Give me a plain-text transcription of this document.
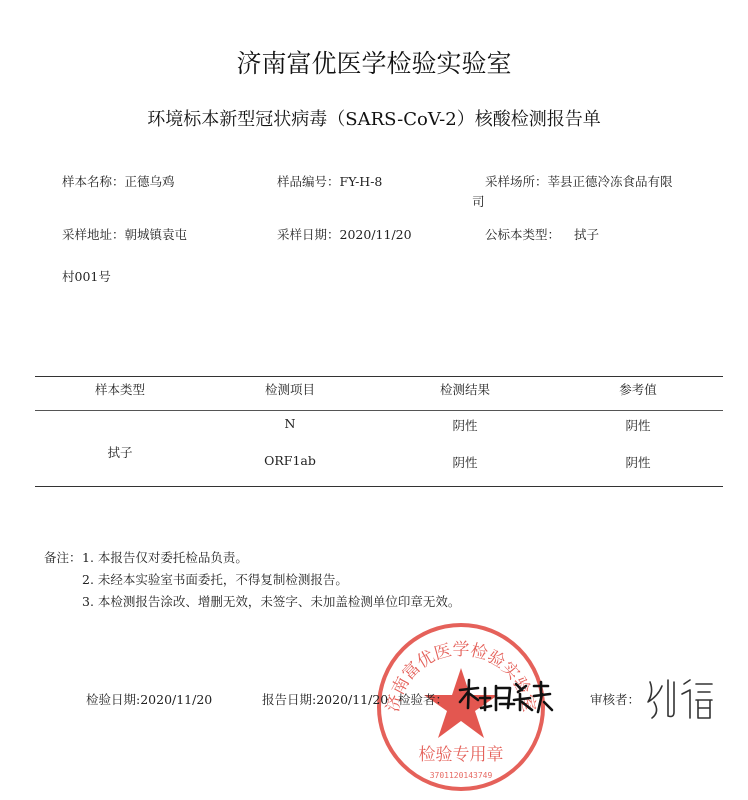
济南富优医学检验实验室
环境标本新型冠状病毒（SARS-CoV-2）核酸检测报告单
样本名称：正德乌鸡	样品编号：FY-H-8	采样场所：莘县正德冷冻食品有限
司
采样地址：朝城镇袁屯	采样日期：2020/11/20	公标本类型： 拭子
村001号
样本类型	检测项目	检测结果	参考值
拭子
N	阴性	阴性
ORF1ab	阴性	阴性
备注： 1. 本报告仅对委托检品负责。
2. 未经本实验室书面委托，不得复制检测报告。
3. 本检测报告涂改、增删无效，未签字、未加盖检测单位印章无效。
济南富优医学检验实验室
检验专用章
3701120143749
检验日期:2020/11/20	报告日期:2020/11/20 检验者：	审核者：
